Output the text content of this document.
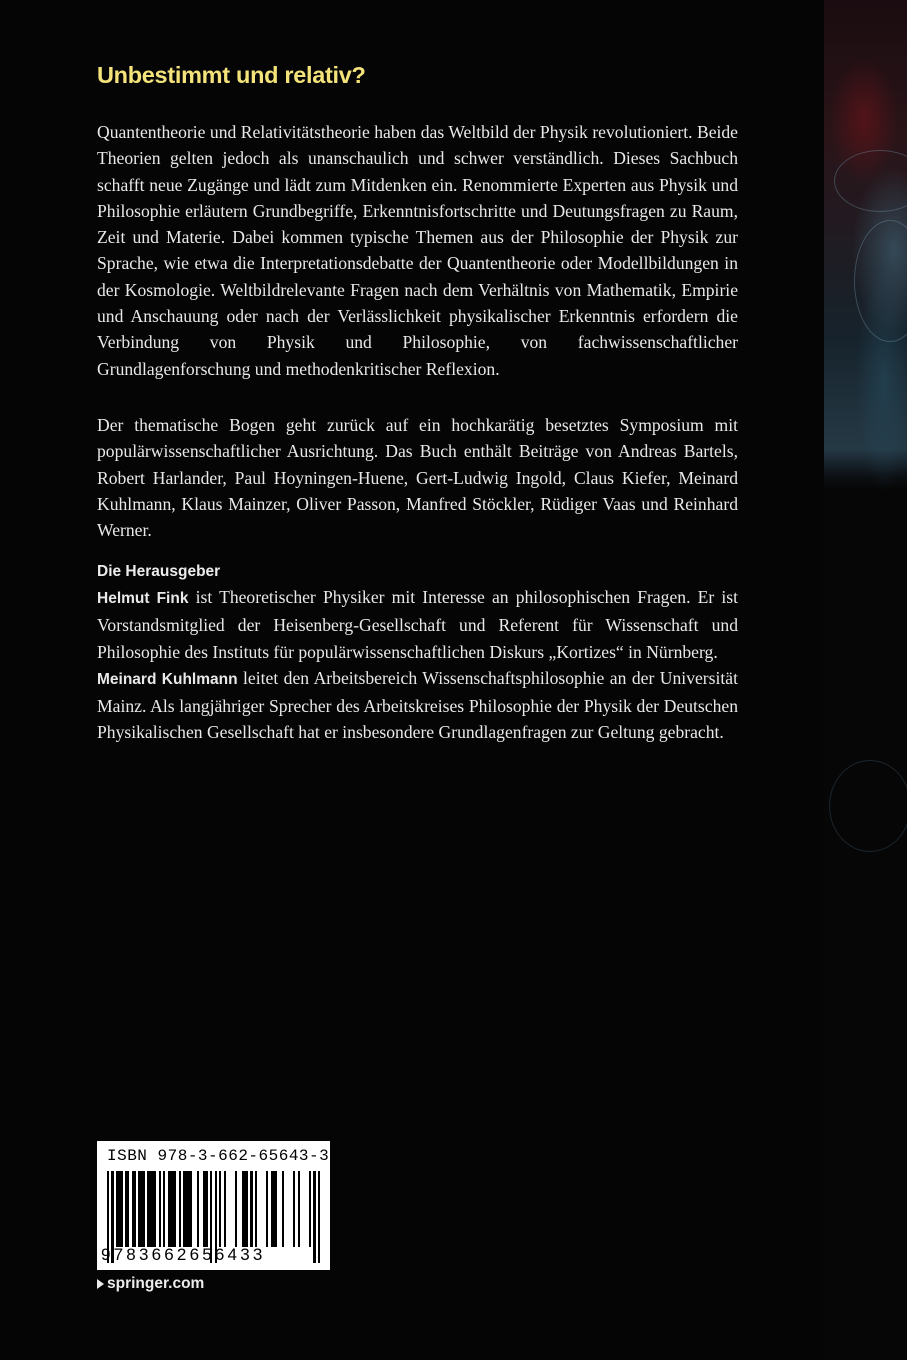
Unbestimmt und relativ?

Quantentheorie und Relativitätstheorie haben das Weltbild der Physik revolutioniert. Beide Theorien gelten jedoch als unanschaulich und schwer verständlich. Dieses Sachbuch schafft neue Zugänge und lädt zum Mitdenken ein. Renommierte Experten aus Physik und Philosophie erläutern Grundbegriffe, Erkenntnisfortschritte und Deutungsfragen zu Raum, Zeit und Materie. Dabei kommen typische Themen aus der Philosophie der Physik zur Sprache, wie etwa die Interpretationsdebatte der Quantentheorie oder Modellbildungen in der Kosmologie. Weltbildrelevante Fragen nach dem Verhältnis von Mathematik, Empirie und Anschauung oder nach der Verlässlichkeit physikalischer Erkenntnis erfordern die Verbindung von Physik und Philosophie, von fachwissenschaftlicher Grundlagenforschung und methodenkritischer Reflexion.

Der thematische Bogen geht zurück auf ein hochkarätig besetztes Symposium mit populärwissenschaftlicher Ausrichtung. Das Buch enthält Beiträge von Andreas Bartels, Robert Harlander, Paul Hoyningen-Huene, Gert-Ludwig Ingold, Claus Kiefer, Meinard Kuhlmann, Klaus Mainzer, Oliver Passon, Manfred Stöckler, Rüdiger Vaas und Reinhard Werner.

Die Herausgeber

Helmut Fink ist Theoretischer Physiker mit Interesse an philosophischen Fragen. Er ist Vorstandsmitglied der Heisenberg-Gesellschaft und Referent für Wissenschaft und Philosophie des Instituts für populärwissenschaftlichen Diskurs „Kortizes“ in Nürnberg.

Meinard Kuhlmann leitet den Arbeitsbereich Wissenschaftsphilosophie an der Universität Mainz. Als langjähriger Sprecher des Arbeitskreises Philosophie der Physik der Deutschen Physikalischen Gesellschaft hat er insbesondere Grundlagenfragen zur Geltung gebracht.

ISBN 978-3-662-65643-3
9783662656433
springer.com
